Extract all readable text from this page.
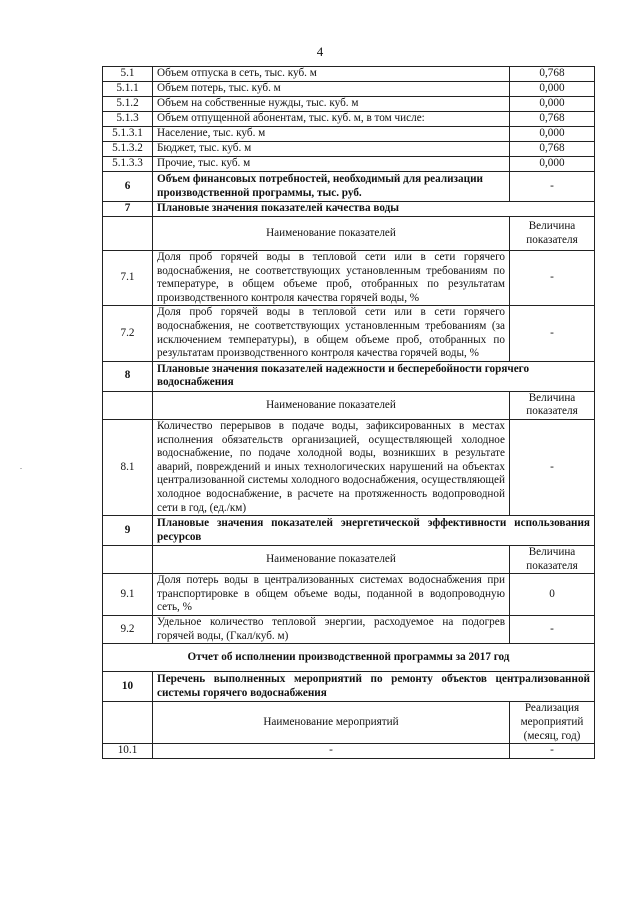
4
5.1	Объем отпуска в сеть, тыс. куб. м	0,768
5.1.1	Объем потерь, тыс. куб. м	0,000
5.1.2	Объем на собственные нужды, тыс. куб. м	0,000
5.1.3	Объем отпущенной абонентам, тыс. куб. м, в том числе:	0,768
5.1.3.1	Население, тыс. куб. м	0,000
5.1.3.2	Бюджет, тыс. куб. м	0,768
5.1.3.3	Прочие, тыс. куб. м	0,000
6	Объем финансовых потребностей, необходимый для реализации производственной программы, тыс. руб.	-
7	Плановые значения показателей качества воды	
	Наименование показателей	Величина показателя
7.1	Доля проб горячей воды в тепловой сети или в сети горячего водоснабжения, не соответствующих установленным требованиям по температуре, в общем объеме проб, отобранных по результатам производственного контроля качества горячей воды, %	-
7.2	Доля проб горячей воды в тепловой сети или в сети горячего водоснабжения, не соответствующих установленным требованиям (за исключением температуры), в общем объеме проб, отобранных по результатам производственного контроля качества горячей воды, %	-
8	Плановые значения показателей надежности и бесперебойности горячего водоснабжения	
	Наименование показателей	Величина показателя
8.1	Количество перерывов в подаче воды, зафиксированных в местах исполнения обязательств организацией, осуществляющей холодное водоснабжение, по подаче холодной воды, возникших в результате аварий, повреждений и иных технологических нарушений на объектах централизованной системы холодного водоснабжения, осуществляющей холодное водоснабжение, в расчете на протяженность водопроводной сети в год, (ед./км)	-
9	Плановые значения показателей энергетической эффективности использования ресурсов	
	Наименование показателей	Величина показателя
9.1	Доля потерь воды в централизованных системах водоснабжения при транспортировке в общем объеме воды, поданной в водопроводную сеть, %	0
9.2	Удельное количество тепловой энергии, расходуемое на подогрев горячей воды, (Гкал/куб. м)	-
Отчет об исполнении производственной программы за 2017 год		
10	Перечень выполненных мероприятий по ремонту объектов централизованной системы горячего водоснабжения	
	Наименование мероприятий	Реализация мероприятий (месяц, год)
10.1	-	-
.
